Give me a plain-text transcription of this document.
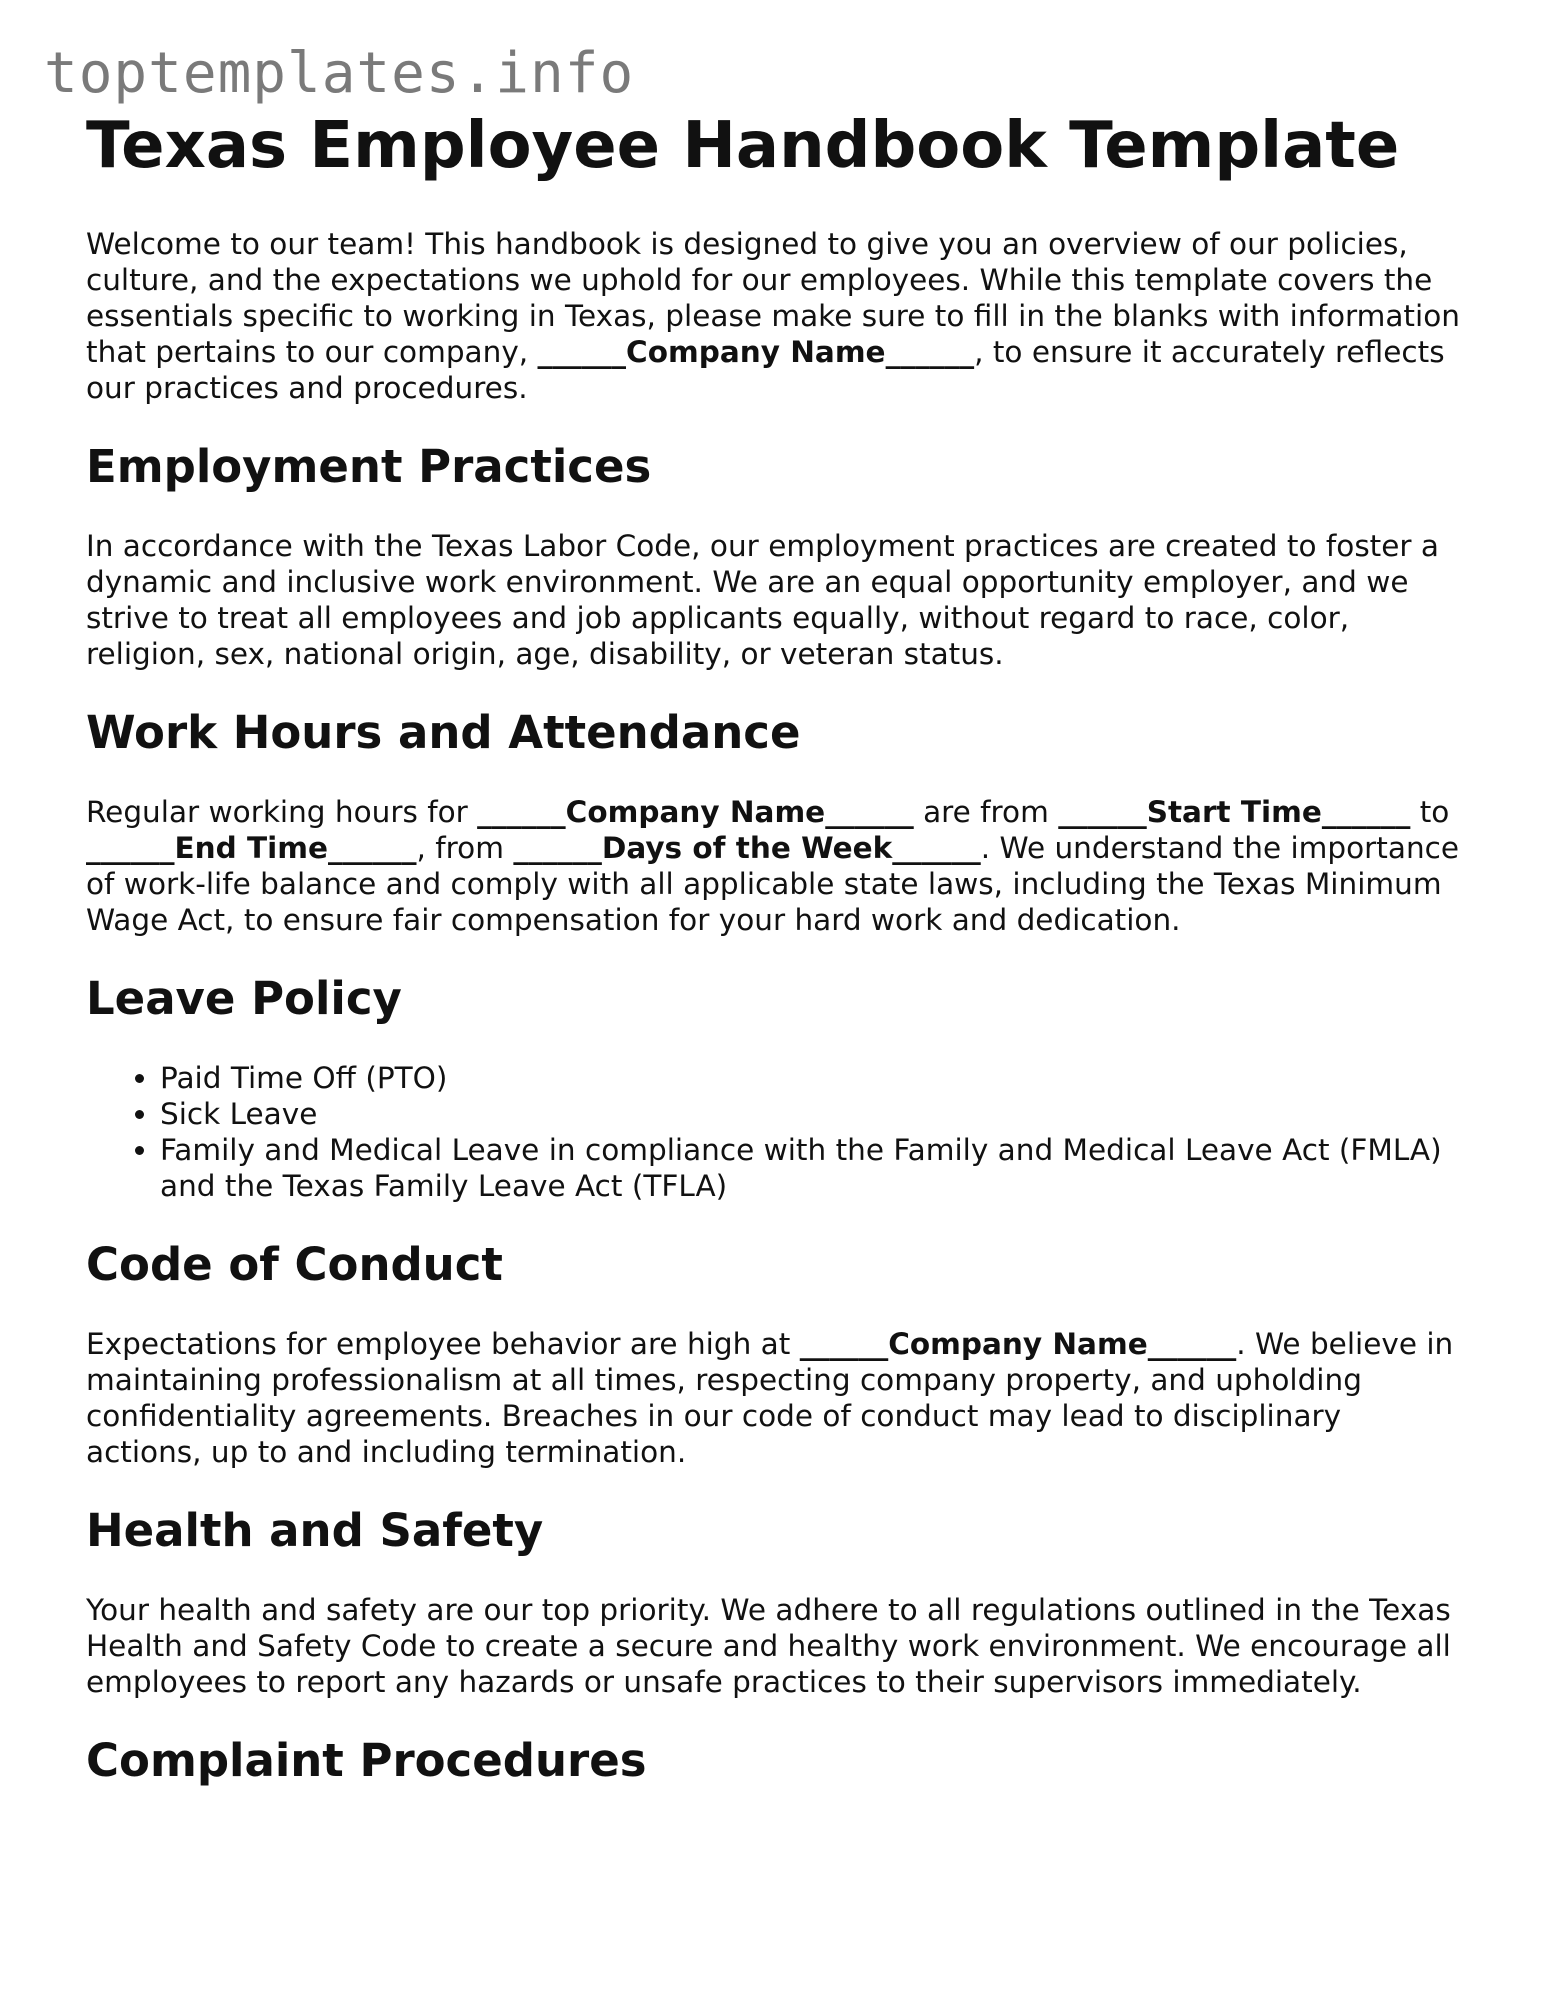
toptemplates.info
Texas Employee Handbook Template

Welcome to our team! This handbook is designed to give you an overview of our policies, culture, and the expectations we uphold for our employees. While this template covers the essentials specific to working in Texas, please make sure to fill in the blanks with information that pertains to our company, ______Company Name______, to ensure it accurately reflects our practices and procedures.

Employment Practices

In accordance with the Texas Labor Code, our employment practices are created to foster a dynamic and inclusive work environment. We are an equal opportunity employer, and we strive to treat all employees and job applicants equally, without regard to race, color, religion, sex, national origin, age, disability, or veteran status.

Work Hours and Attendance

Regular working hours for ______Company Name______ are from ______Start Time______ to ______End Time______, from ______Days of the Week______. We understand the importance of work-life balance and comply with all applicable state laws, including the Texas Minimum Wage Act, to ensure fair compensation for your hard work and dedication.

Leave Policy
• Paid Time Off (PTO)
• Sick Leave
• Family and Medical Leave in compliance with the Family and Medical Leave Act (FMLA) and the Texas Family Leave Act (TFLA)
Code of Conduct

Expectations for employee behavior are high at ______Company Name______. We believe in maintaining professionalism at all times, respecting company property, and upholding confidentiality agreements. Breaches in our code of conduct may lead to disciplinary actions, up to and including termination.

Health and Safety

Your health and safety are our top priority. We adhere to all regulations outlined in the Texas Health and Safety Code to create a secure and healthy work environment. We encourage all employees to report any hazards or unsafe practices to their supervisors immediately.

Complaint Procedures
